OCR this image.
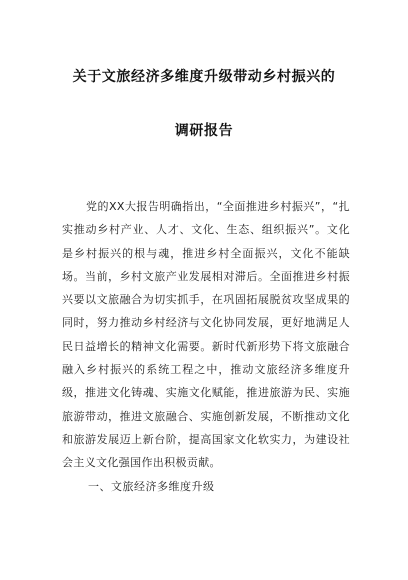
关于文旅经济多维度升级带动乡村振兴的
调研报告

党的XX大报告明确指出，“全面推进乡村振兴”，“扎实推动乡村产业、人才、文化、生态、组织振兴”。文化是乡村振兴的根与魂，推进乡村全面振兴，文化不能缺场。当前，乡村文旅产业发展相对滞后。全面推进乡村振兴要以文旅融合为切实抓手，在巩固拓展脱贫攻坚成果的同时，努力推动乡村经济与文化协同发展，更好地满足人民日益增长的精神文化需要。新时代新形势下将文旅融合融入乡村振兴的系统工程之中，推动文旅经济多维度升级，推进文化铸魂、实施文化赋能，推进旅游为民、实施旅游带动，推进文旅融合、实施创新发展，不断推动文化和旅游发展迈上新台阶，提高国家文化软实力，为建设社会主义文化强国作出积极贡献。

一、文旅经济多维度升级
